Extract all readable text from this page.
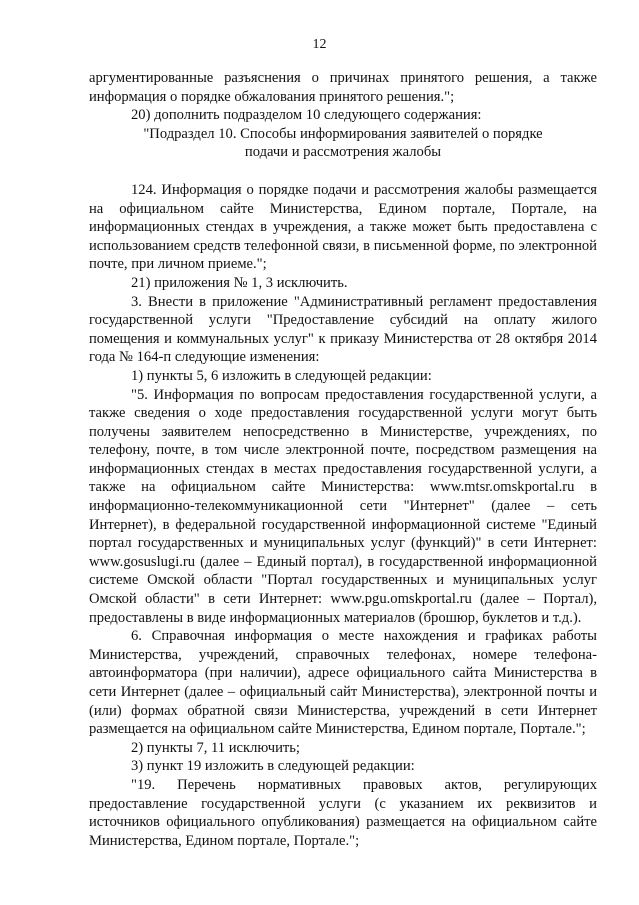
12

аргументированные разъяснения о причинах принятого решения, а также информация о порядке обжалования принятого решения.";

20) дополнить подразделом 10 следующего содержания:

"Подраздел 10. Способы информирования заявителей о порядке подачи и рассмотрения жалобы

124. Информация о порядке подачи и рассмотрения жалобы размещается на официальном сайте Министерства, Едином портале, Портале, на информационных стендах в учреждения, а также может быть предоставлена с использованием средств телефонной связи, в письменной форме, по электронной почте, при личном приеме.";

21) приложения № 1, 3 исключить.

3. Внести в приложение "Административный регламент предоставления государственной услуги "Предоставление субсидий на оплату жилого помещения и коммунальных услуг" к приказу Министерства от 28 октября 2014 года № 164-п следующие изменения:

1) пункты 5, 6 изложить в следующей редакции:

"5. Информация по вопросам предоставления государственной услуги, а также сведения о ходе предоставления государственной услуги могут быть получены заявителем непосредственно в Министерстве, учреждениях, по телефону, почте, в том числе электронной почте, посредством размещения на информационных стендах в местах предоставления государственной услуги, а также на официальном сайте Министерства: www.mtsr.omskportal.ru в информационно-телекоммуникационной сети "Интернет" (далее – сеть Интернет), в федеральной государственной информационной системе "Единый портал государственных и муниципальных услуг (функций)" в сети Интернет: www.gosuslugi.ru (далее – Единый портал), в государственной информационной системе Омской области "Портал государственных и муниципальных услуг Омской области" в сети Интернет: www.pgu.omskportal.ru (далее – Портал), предоставлены в виде информационных материалов (брошюр, буклетов и т.д.).

6. Справочная информация о месте нахождения и графиках работы Министерства, учреждений, справочных телефонах, номере телефона-автоинформатора (при наличии), адресе официального сайта Министерства в сети Интернет (далее – официальный сайт Министерства), электронной почты и (или) формах обратной связи Министерства, учреждений в сети Интернет размещается на официальном сайте Министерства, Едином портале, Портале.";

2) пункты 7, 11 исключить;

3) пункт 19 изложить в следующей редакции:

"19. Перечень нормативных правовых актов, регулирующих предоставление государственной услуги (с указанием их реквизитов и источников официального опубликования) размещается на официальном сайте Министерства, Едином портале, Портале.";
